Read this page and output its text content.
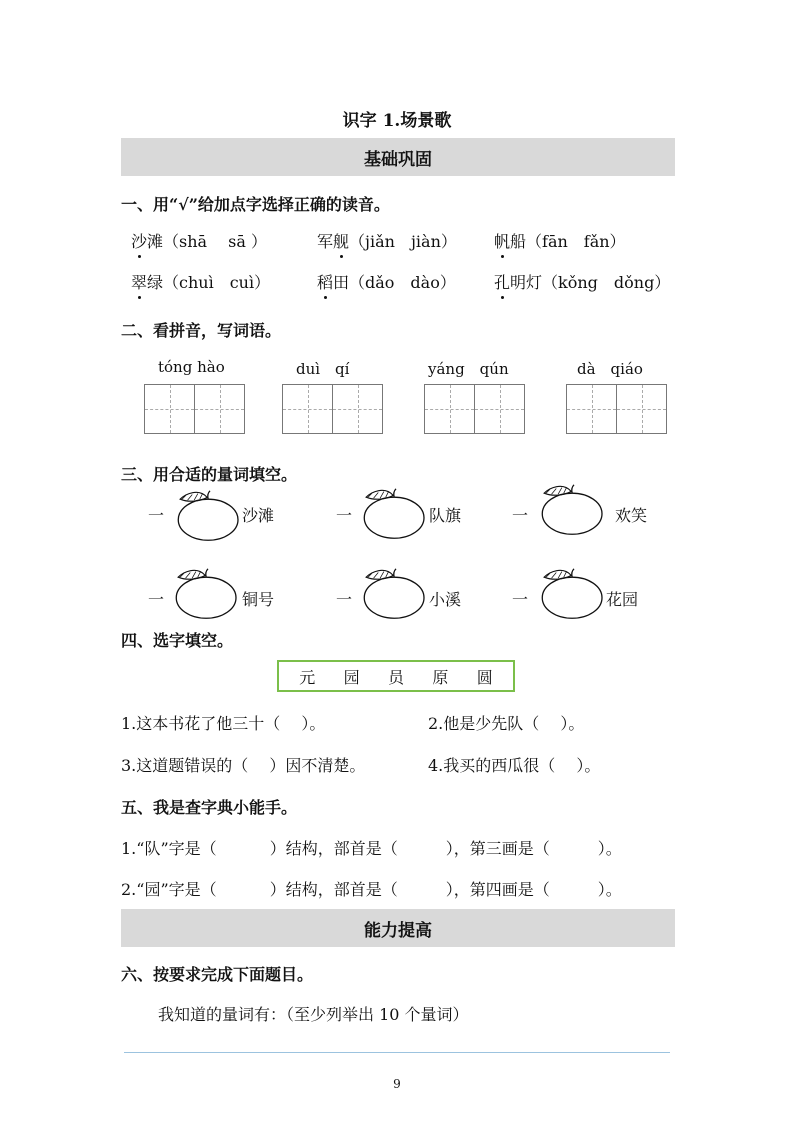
识字 1.场景歌
基础巩固
一、用“√”给加点字选择正确的读音。
沙滩（shā　 sā ）	军舰（jiǎn　jiàn） 帆船（fān　fǎn）
翠绿（chuì　cuì）	稻田（dǎo　dào） 孔明灯（kǒng　dǒng）
二、看拼音，写词语。
tóng hào	duì　qí	yáng　qún	dà　qiáo
三、用合适的量词填空。
一	沙滩	一	队旗	一	欢笑
一	铜号	一	小溪	一	花园
四、选字填空。
元 园 员 原 圆
1.这本书花了他三十（　 ）。	2.他是少先队（　 ）。
3.这道题错误的（　 ）因不清楚。	4.我买的西瓜很（　 ）。
五、我是查字典小能手。
1.“队”字是（　　　 ）结构，部首是（　　　），第三画是（　　　）。
2.“园”字是（　　　 ）结构，部首是（　　　），第四画是（　　　）。
能力提高
六、按要求完成下面题目。
我知道的量词有：（至少列举出 10 个量词）
9
